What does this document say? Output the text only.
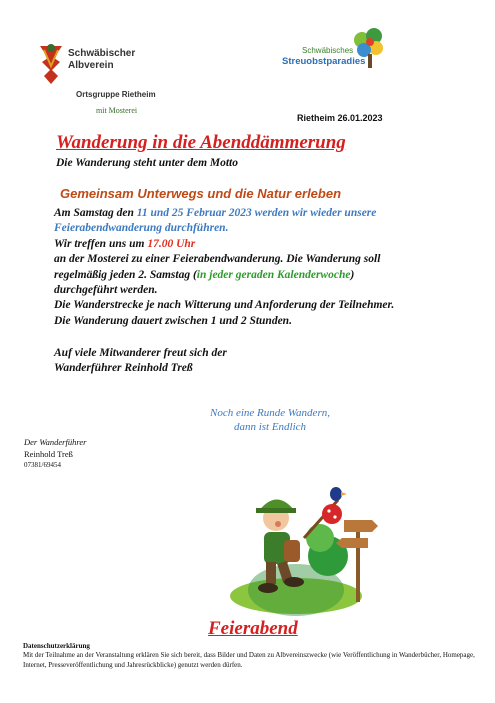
Schwäbischer
Albverein
Ortsgruppe Rietheim
mit Mosterei
Schwäbisches
Streuobstparadies
Rietheim 26.01.2023
Wanderung in die Abenddämmerung
Die Wanderung steht unter dem Motto
Gemeinsam Unterwegs und die Natur erleben

Am Samstag den 11 und 25 Februar 2023 werden wir wieder unsere Feierabendwanderung durchführen.

Wir treffen uns um 17.00 Uhr

an der Mosterei zu einer Feierabendwanderung. Die Wanderung soll

regelmäßig jeden 2. Samstag (in jeder geraden Kalenderwoche)

durchgeführt werden.

Die Wanderstrecke je nach Witterung und Anforderung der Teilnehmer.

Die Wanderung dauert zwischen 1 und 2 Stunden.

Auf viele Mitwanderer freut sich der

Wanderführer Reinhold Treß

Noch eine Runde Wandern,
dann ist Endlich
Der Wanderführer
Reinhold Treß
07381/69454
Feierabend

Datenschutzerklärung

Mit der Teilnahme an der Veranstaltung erklären Sie sich bereit, dass Bilder und Daten zu Albvereinszwecke (wie Veröffentlichung in Wanderbücher, Homepage, Internet, Presseveröffentlichung und Jahresrückblicke) genutzt werden dürfen.
